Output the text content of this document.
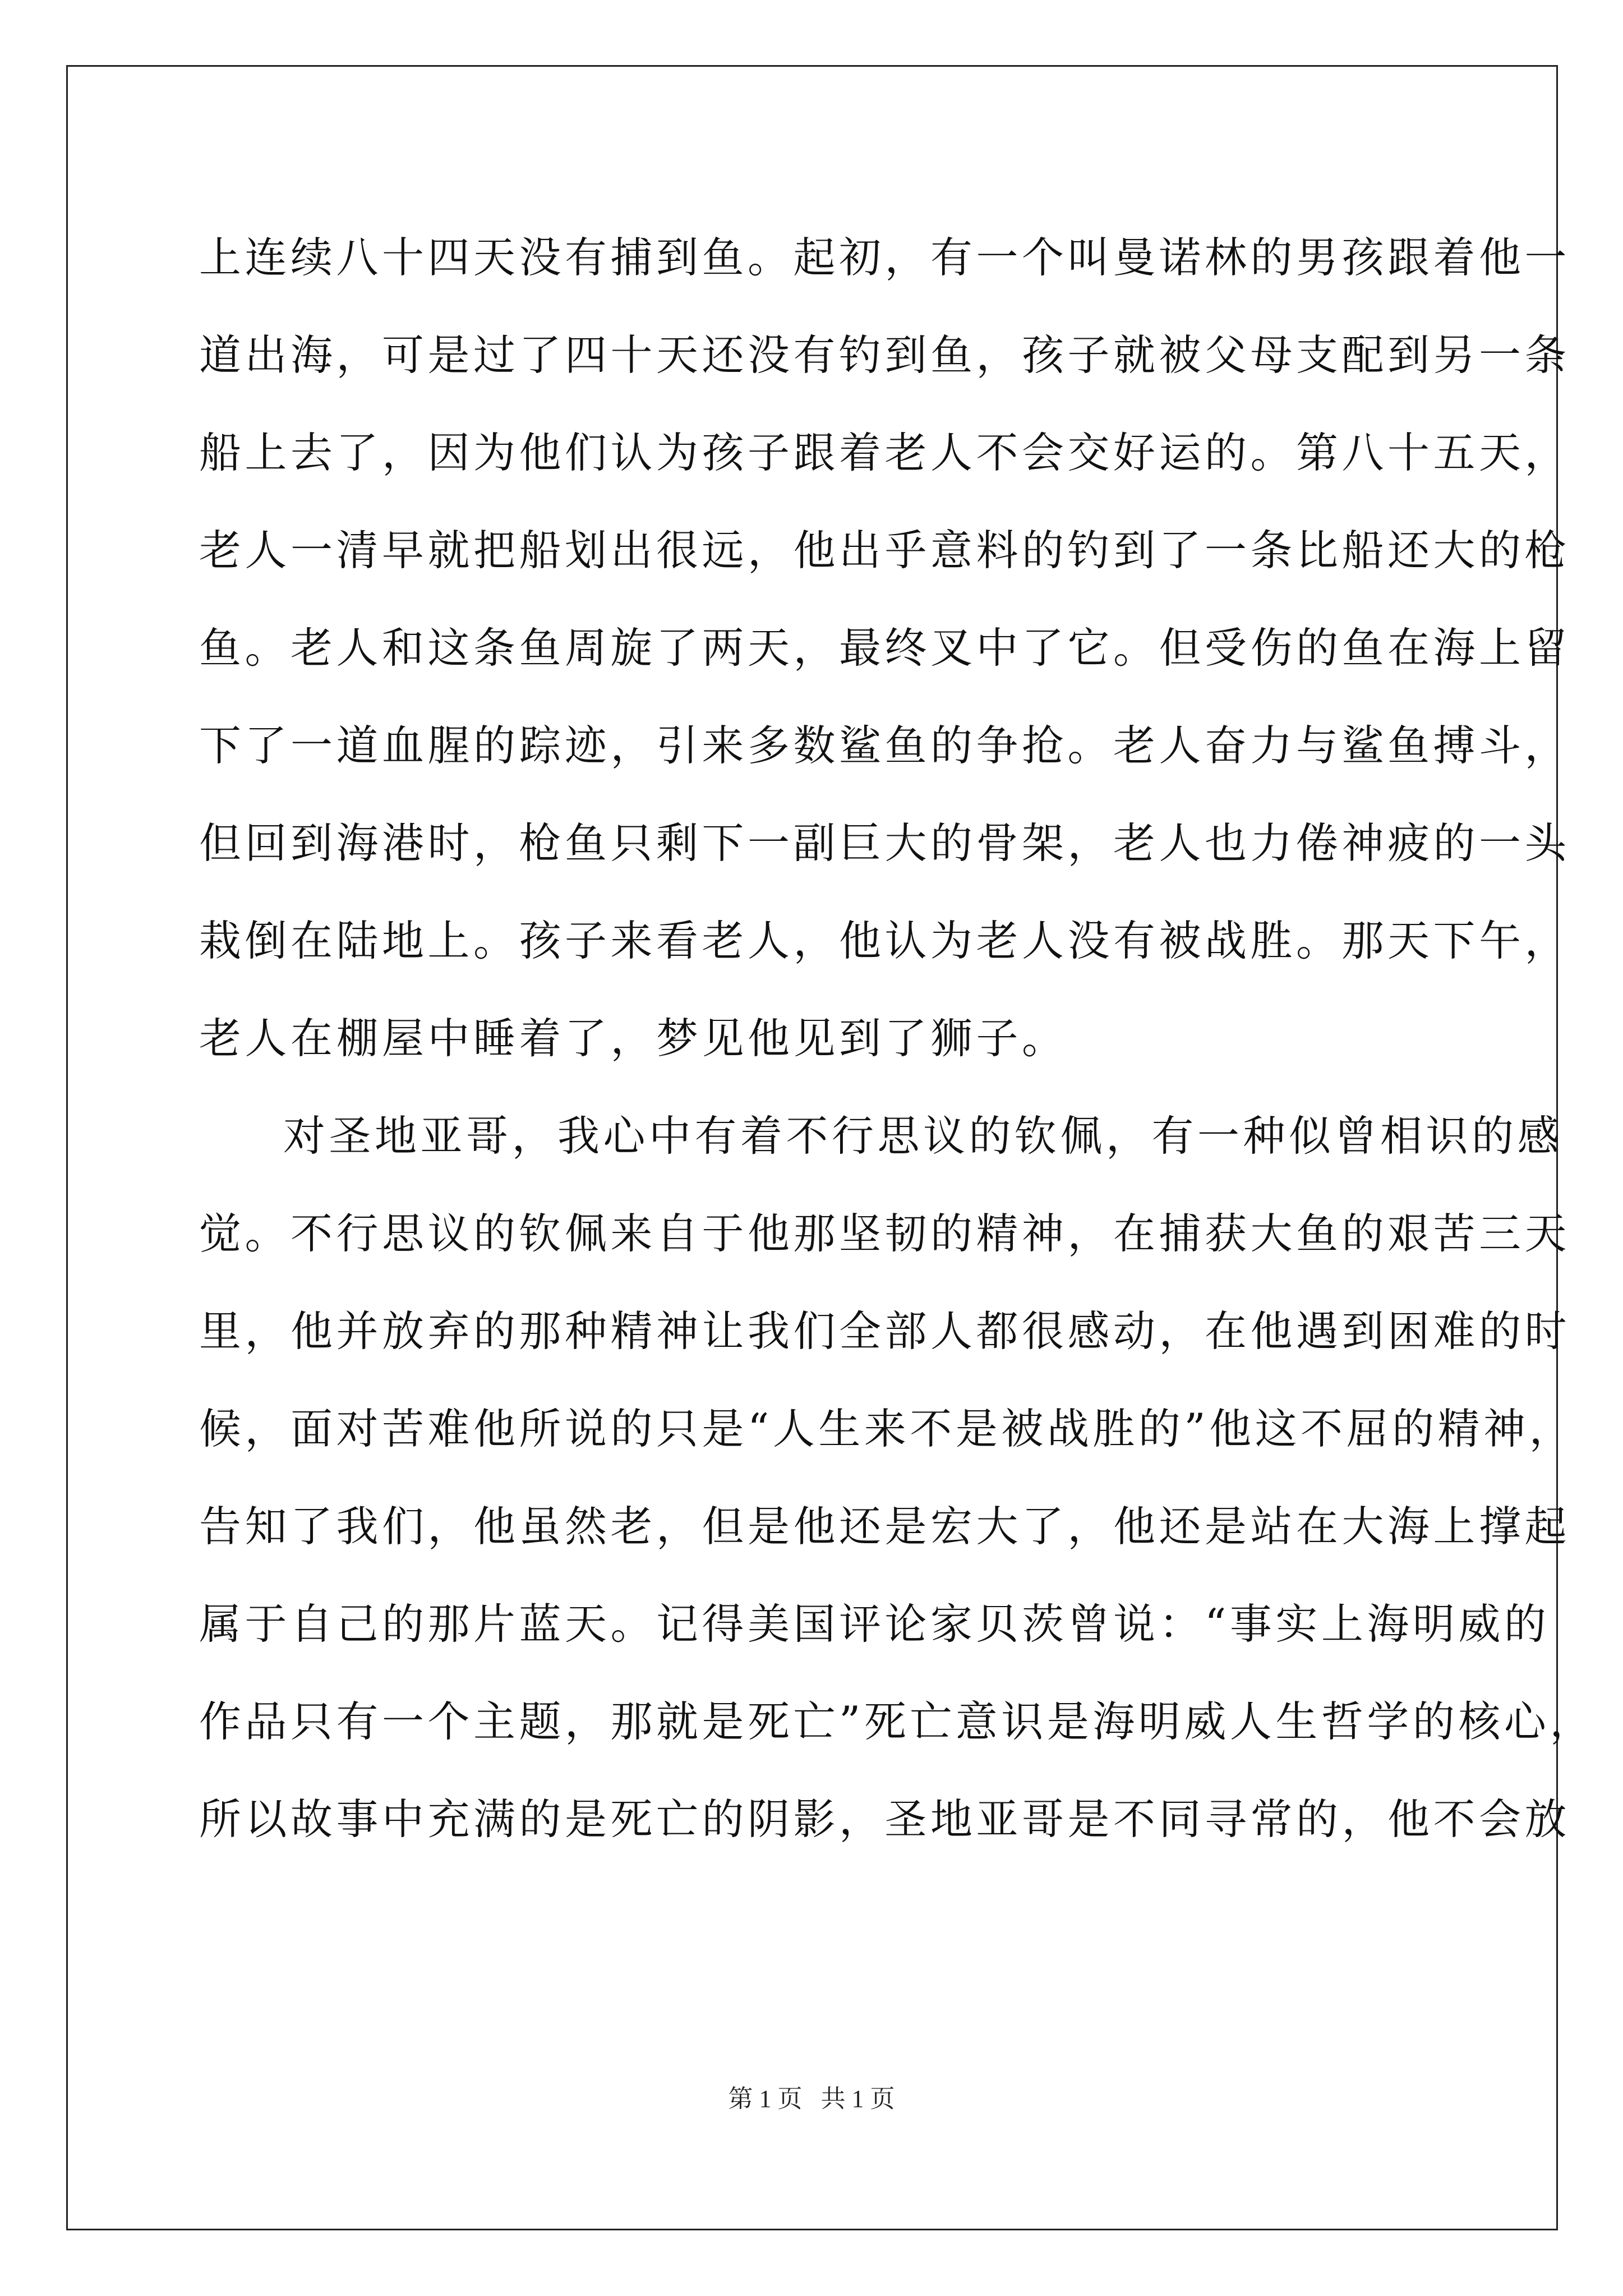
上连续八十四天没有捕到鱼。起初，有一个叫曼诺林的男孩跟着他一
道出海，可是过了四十天还没有钓到鱼，孩子就被父母支配到另一条
船上去了，因为他们认为孩子跟着老人不会交好运的。第八十五天，
老人一清早就把船划出很远，他出乎意料的钓到了一条比船还大的枪
鱼。老人和这条鱼周旋了两天，最终叉中了它。但受伤的鱼在海上留
下了一道血腥的踪迹，引来多数鲨鱼的争抢。老人奋力与鲨鱼搏斗，
但回到海港时，枪鱼只剩下一副巨大的骨架，老人也力倦神疲的一头
栽倒在陆地上。孩子来看老人，他认为老人没有被战胜。那天下午，
老人在棚屋中睡着了，梦见他见到了狮子。
对圣地亚哥，我心中有着不行思议的钦佩，有一种似曾相识的感
觉。不行思议的钦佩来自于他那坚韧的精神，在捕获大鱼的艰苦三天
里，他并放弃的那种精神让我们全部人都很感动，在他遇到困难的时
候，面对苦难他所说的只是“人生来不是被战胜的”他这不屈的精神，
告知了我们，他虽然老，但是他还是宏大了，他还是站在大海上撑起
属于自己的那片蓝天。记得美国评论家贝茨曾说：“事实上海明威的
作品只有一个主题，那就是死亡”死亡意识是海明威人生哲学的核心，
所以故事中充满的是死亡的阴影，圣地亚哥是不同寻常的，他不会放
第 1 页   共 1 页
